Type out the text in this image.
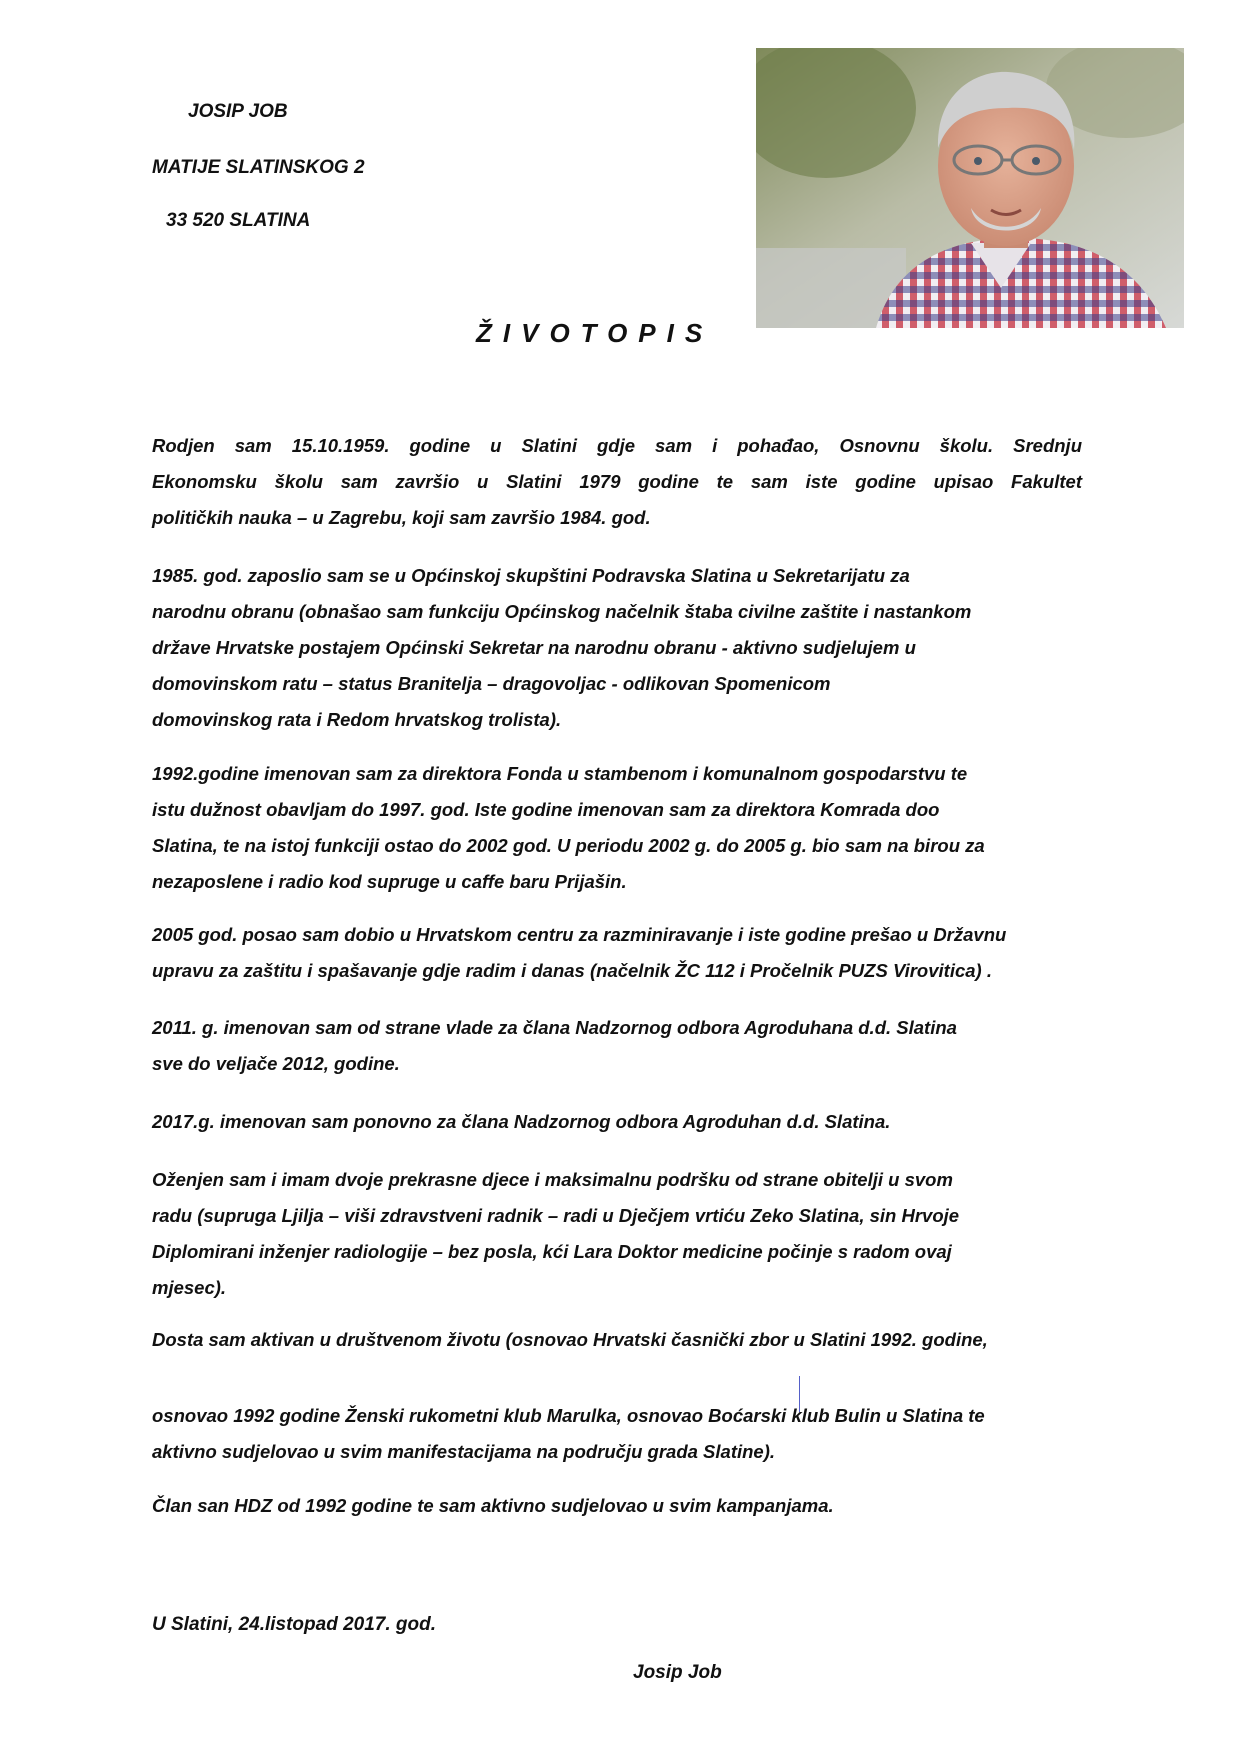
JOSIP JOB
MATIJE SLATINSKOG 2
33 520 SLATINA
ŽIVOTOPIS
Rodjen sam 15.10.1959. godine u Slatini gdje sam i pohađao, Osnovnu školu. Srednju
Ekonomsku školu sam završio u Slatini 1979 godine te sam iste godine upisao Fakultet
političkih nauka – u Zagrebu, koji sam završio 1984. god.
1985. god. zaposlio sam se u Općinskoj skupštini Podravska Slatina u Sekretarijatu za
narodnu obranu (obnašao sam funkciju Općinskog načelnik štaba civilne zaštite i nastankom
države Hrvatske postajem Općinski Sekretar na narodnu obranu - aktivno sudjelujem u
domovinskom ratu – status Branitelja – dragovoljac - odlikovan Spomenicom
domovinskog rata i Redom hrvatskog trolista).
1992.godine imenovan sam za direktora Fonda u stambenom i komunalnom gospodarstvu te
istu dužnost obavljam do 1997. god. Iste godine imenovan sam za direktora Komrada doo
Slatina, te na istoj funkciji ostao do 2002 god. U periodu 2002 g. do 2005 g. bio sam na birou za
nezaposlene i radio kod supruge u caffe baru Prijašin.
2005 god. posao sam dobio u Hrvatskom centru za razminiravanje i iste godine prešao u Državnu
upravu za zaštitu i spašavanje gdje radim i danas (načelnik ŽC 112 i Pročelnik PUZS Virovitica) .
2011. g. imenovan sam od strane vlade za člana Nadzornog odbora Agroduhana d.d. Slatina
sve do veljače 2012, godine.
2017.g. imenovan sam ponovno za člana Nadzornog odbora Agroduhan d.d. Slatina.
Oženjen sam i imam dvoje prekrasne djece i maksimalnu podršku od strane obitelji u svom
radu (supruga Ljilja – viši zdravstveni radnik – radi u Dječjem vrtiću Zeko Slatina, sin Hrvoje
Diplomirani inženjer radiologije – bez posla, kći Lara Doktor medicine počinje s radom ovaj
mjesec).
Dosta sam aktivan u društvenom životu (osnovao Hrvatski časnički zbor u Slatini 1992. godine,
osnovao 1992 godine Ženski rukometni klub Marulka, osnovao Boćarski klub Bulin u Slatina te
aktivno sudjelovao u svim manifestacijama na području grada Slatine).
Član san HDZ od 1992 godine te sam aktivno sudjelovao u svim kampanjama.
U Slatini, 24.listopad 2017. god.
Josip Job
